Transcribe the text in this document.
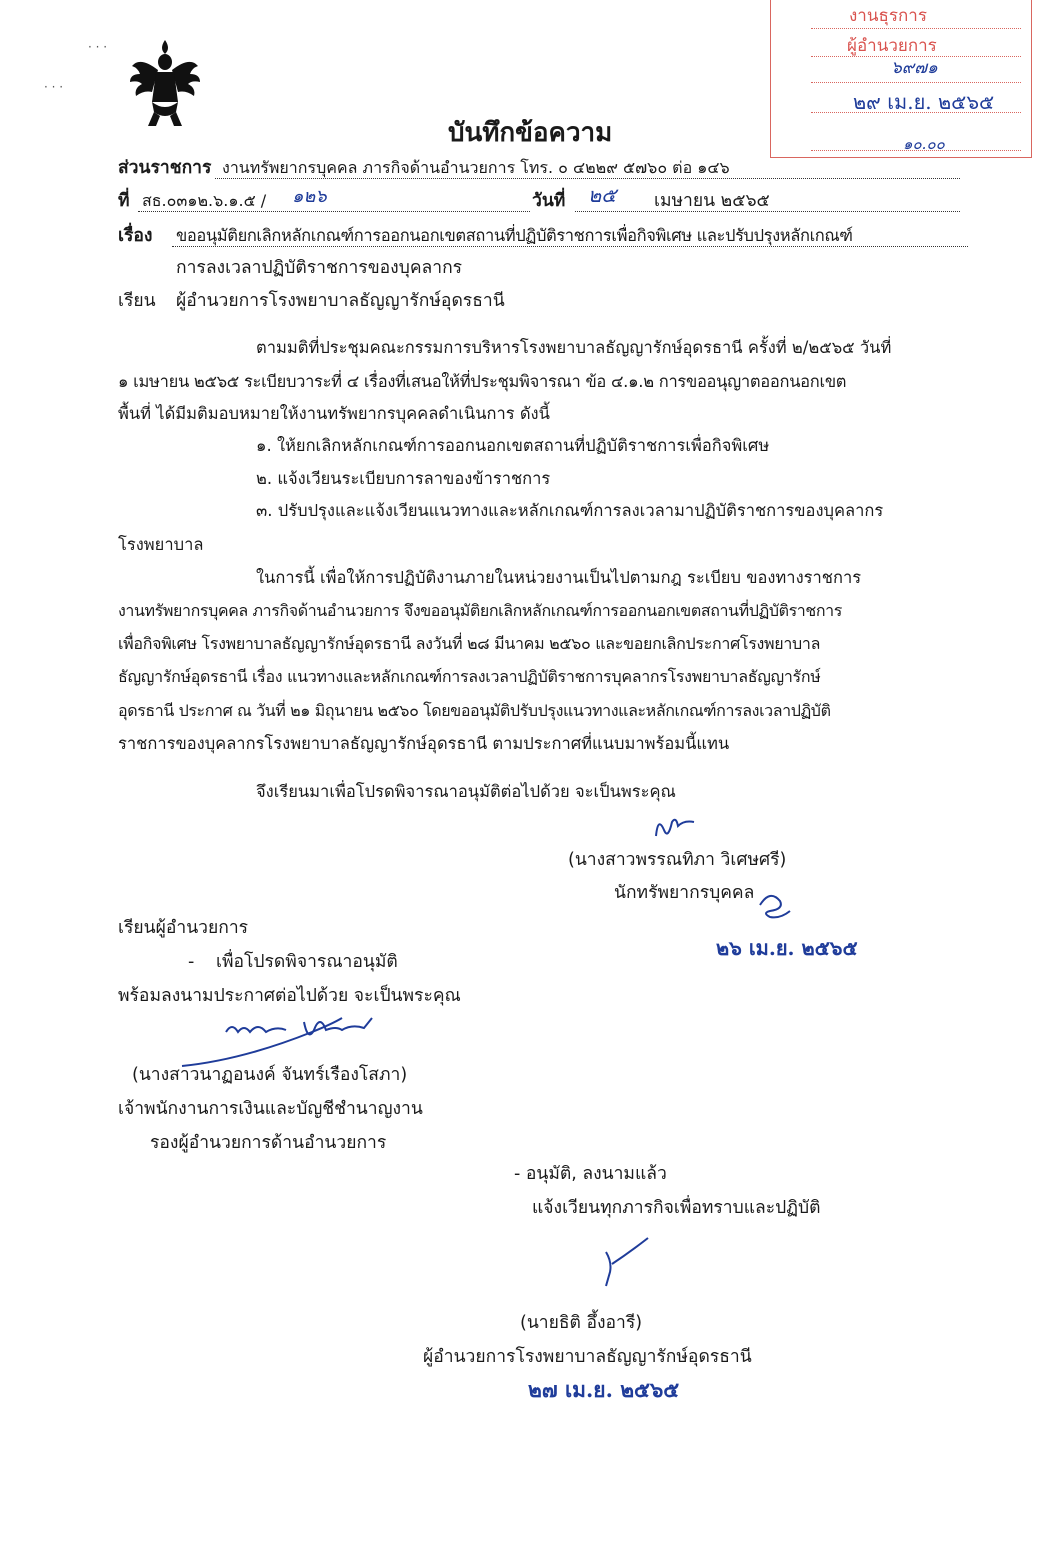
· · ·
· · ·
งานธุรการ
ผู้อำนวยการ
๖๙๗๑
๒๙ เม.ย. ๒๕๖๕
๑๐.๐๐
บันทึกข้อความ
ส่วนราชการ งานทรัพยากรบุคคล ภารกิจด้านอำนวยการ โทร. ๐ ๔๒๒๙ ๕๗๖๐ ต่อ ๑๔๖
ที่ สธ.๐๓๑๒.๖.๑.๕ / ๑๒๖	วันที่ ๒๕ เมษายน ๒๕๖๕
เรื่อง ขออนุมัติยกเลิกหลักเกณฑ์การออกนอกเขตสถานที่ปฏิบัติราชการเพื่อกิจพิเศษ และปรับปรุงหลักเกณฑ์
การลงเวลาปฏิบัติราชการของบุคลากร
เรียน ผู้อำนวยการโรงพยาบาลธัญญารักษ์อุดรธานี
ตามมติที่ประชุมคณะกรรมการบริหารโรงพยาบาลธัญญารักษ์อุดรธานี ครั้งที่ ๒/๒๕๖๕ วันที่
๑ เมษายน ๒๕๖๕ ระเบียบวาระที่ ๔ เรื่องที่เสนอให้ที่ประชุมพิจารณา ข้อ ๔.๑.๒ การขออนุญาตออกนอกเขต
พื้นที่ ได้มีมติมอบหมายให้งานทรัพยากรบุคคลดำเนินการ ดังนี้
๑. ให้ยกเลิกหลักเกณฑ์การออกนอกเขตสถานที่ปฏิบัติราชการเพื่อกิจพิเศษ
๒. แจ้งเวียนระเบียบการลาของข้าราชการ
๓. ปรับปรุงและแจ้งเวียนแนวทางและหลักเกณฑ์การลงเวลามาปฏิบัติราชการของบุคลากร
โรงพยาบาล
ในการนี้ เพื่อให้การปฏิบัติงานภายในหน่วยงานเป็นไปตามกฎ ระเบียบ ของทางราชการ
งานทรัพยากรบุคคล ภารกิจด้านอำนวยการ จึงขออนุมัติยกเลิกหลักเกณฑ์การออกนอกเขตสถานที่ปฏิบัติราชการ
เพื่อกิจพิเศษ โรงพยาบาลธัญญารักษ์อุดรธานี ลงวันที่ ๒๘ มีนาคม ๒๕๖๐ และขอยกเลิกประกาศโรงพยาบาล
ธัญญารักษ์อุดรธานี เรื่อง แนวทางและหลักเกณฑ์การลงเวลาปฏิบัติราชการบุคลากรโรงพยาบาลธัญญารักษ์
อุดรธานี ประกาศ ณ วันที่ ๒๑ มิถุนายน ๒๕๖๐ โดยขออนุมัติปรับปรุงแนวทางและหลักเกณฑ์การลงเวลาปฏิบัติ
ราชการของบุคลากรโรงพยาบาลธัญญารักษ์อุดรธานี ตามประกาศที่แนบมาพร้อมนี้แทน
จึงเรียนมาเพื่อโปรดพิจารณาอนุมัติต่อไปด้วย จะเป็นพระคุณ
(นางสาวพรรณทิภา วิเศษศรี)
นักทรัพยากรบุคคล
๒๖ เม.ย. ๒๕๖๕
เรียนผู้อำนวยการ
- เพื่อโปรดพิจารณาอนุมัติ
พร้อมลงนามประกาศต่อไปด้วย จะเป็นพระคุณ
(นางสาวนาฏอนงค์ จันทร์เรืองโสภา)
เจ้าพนักงานการเงินและบัญชีชำนาญงาน
รองผู้อำนวยการด้านอำนวยการ
- อนุมัติ, ลงนามแล้ว
แจ้งเวียนทุกภารกิจเพื่อทราบและปฏิบัติ
(นายธิติ อึ้งอารี)
ผู้อำนวยการโรงพยาบาลธัญญารักษ์อุดรธานี
๒๗ เม.ย. ๒๕๖๕
